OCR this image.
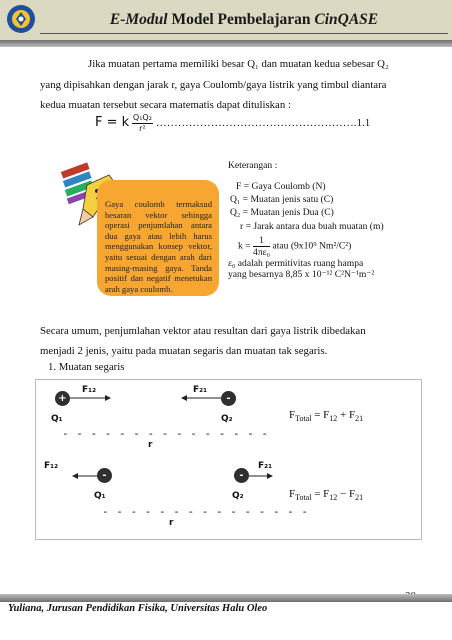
E-Modul Model Pembelajaran CinQASE

Jika muatan pertama memiliki besar Q₁ dan muatan kedua sebesar Q₂

yang dipisahkan dengan jarak r, gaya Coulomb/gaya listrik yang timbul diantara

kedua muatan tersebut secara matematis dapat dituliskan :

F = k $\frac{\text{Q₁Q₂}}{\text{r²}}$ ……………………………………………….1.1

Gaya coulomb termaksud besaran vektor sehingga operasi penjumlahan antara dua gaya atau lebih harus menggunakan konsep vektor, yaitu sesuai dengan arah dari masing-masing gaya. Tanda positif dan negatif menetukan arah gaya coulomb.

Keterangan :

F = Gaya Coulomb (N)

Q₁ = Muatan jenis satu (C)

Q₂ = Muatan jenis Dua (C)

r = Jarak antara dua buah muatan (m)

$k = \frac{1}{\text{4πε₀}}$ atau (9x10⁹ Nm²/C²)

ε₀ adalah permitivitas ruang hampa

yang besarnya 8,85 x 10⁻¹² C²N⁻¹m⁻²

Secara umum, penjumlahan vektor atau resultan dari gaya listrik dibedakan

menjadi 2 jenis, yaitu pada muatan segaris dan muatan tak segaris.

1. Muatan segaris

F₁₂	F₂₁
+	-
Q₁	Q₂
- - - - - - - - - - - - - - -
r
$F_{Total} = F_{12} + F_{21}$
F₁₂	F₂₁
-	-
Q₁	Q₂
- - - - - - - - - - - - - - -
r
$F_{Total} = F_{12} - F_{21}$
Yuliana, Jurusan Pendidikan Fisika, Universitas Halu Oleo
